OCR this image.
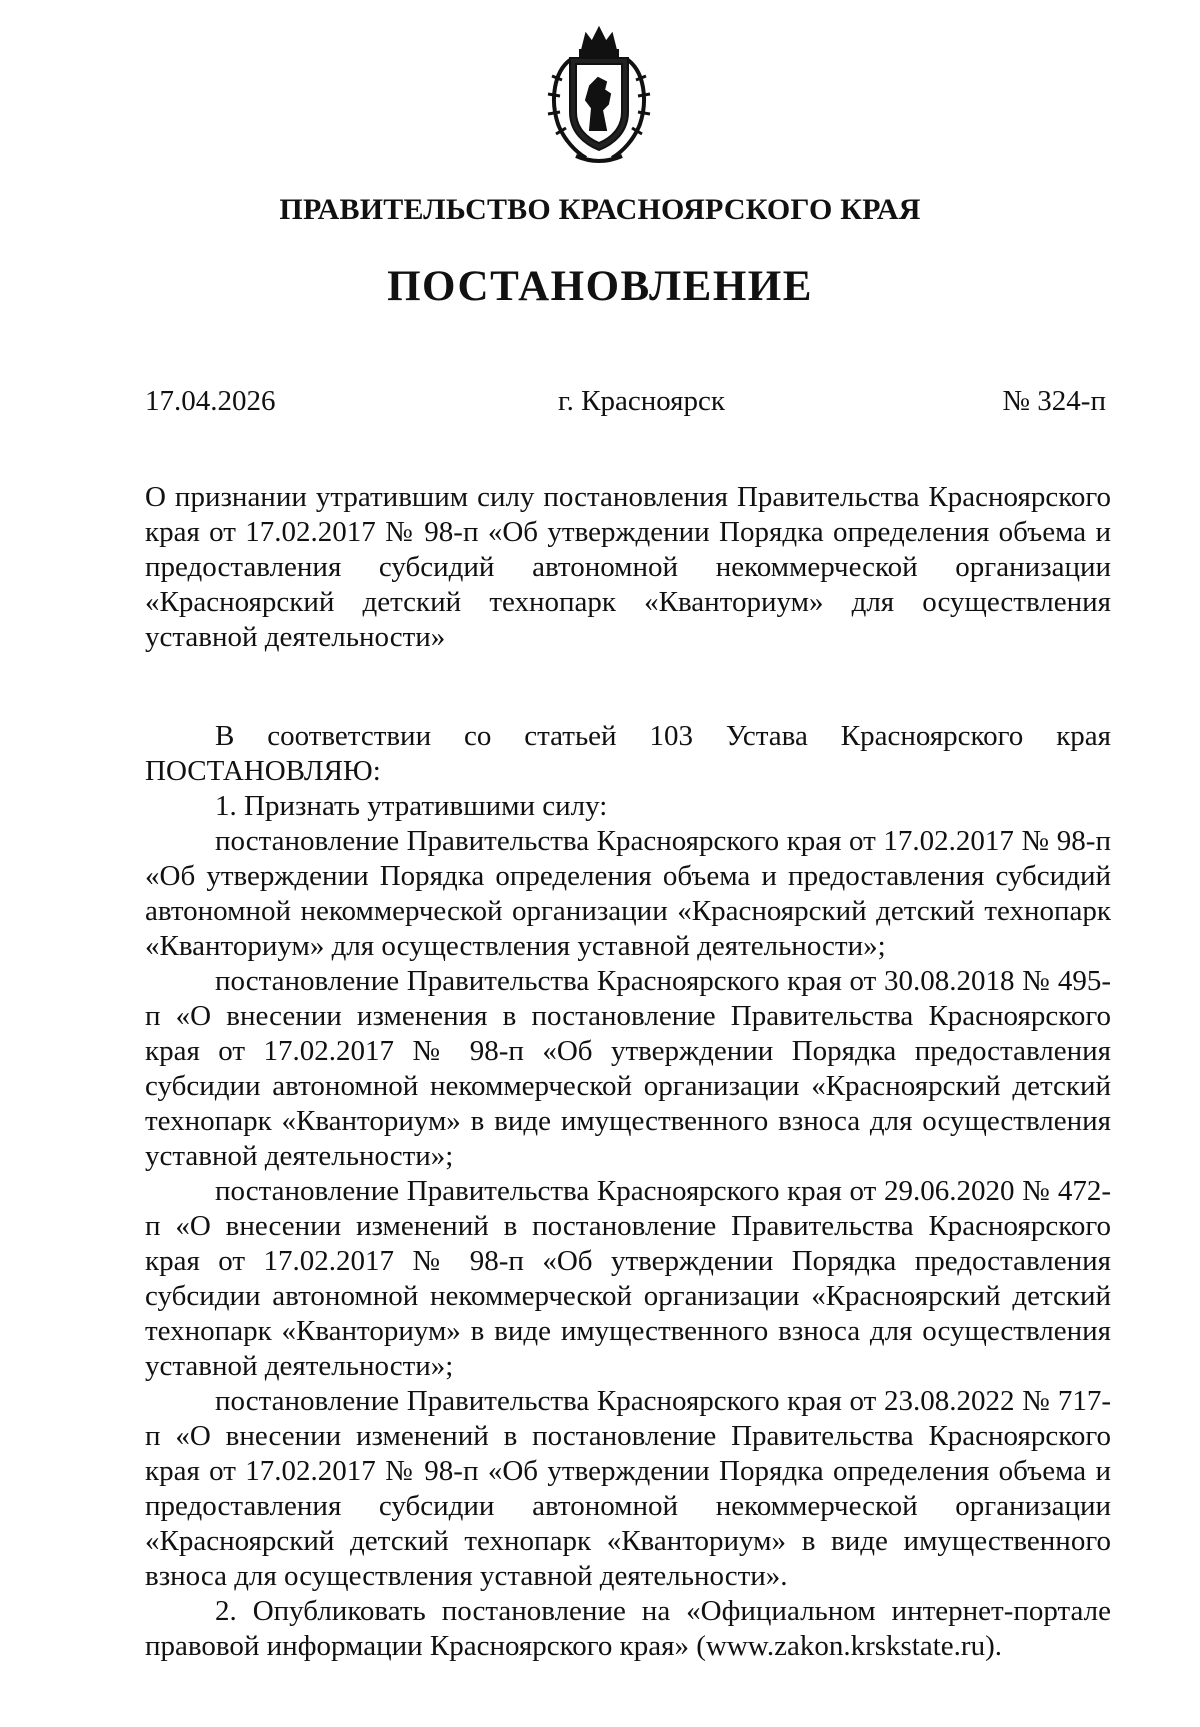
ПРАВИТЕЛЬСТВО КРАСНОЯРСКОГО КРАЯ
ПОСТАНОВЛЕНИЕ
17.04.2026	г. Красноярск	№ 324-п
О признании утратившим силу постановления Правительства Красноярского края от 17.02.2017 № 98-п «Об утверждении Порядка определения объема и предоставления субсидий автономной некоммерческой организации «Красноярский детский технопарк «Кванториум» для осуществления уставной деятельности»

В соответствии со статьей 103 Устава Красноярского края

ПОСТАНОВЛЯЮ:

1. Признать утратившими силу:

постановление Правительства Красноярского края от 17.02.2017 № 98-п «Об утверждении Порядка определения объема и предоставления субсидий автономной некоммерческой организации «Красноярский детский технопарк «Кванториум» для осуществления уставной деятельности»;

постановление Правительства Красноярского края от 30.08.2018 № 495-п «О внесении изменения в постановление Правительства Красноярского края от 17.02.2017 № 98-п «Об утверждении Порядка предоставления субсидии автономной некоммерческой организации «Красноярский детский технопарк «Кванториум» в виде имущественного взноса для осуществления уставной деятельности»;

постановление Правительства Красноярского края от 29.06.2020 № 472-п «О внесении изменений в постановление Правительства Красноярского края от 17.02.2017 № 98-п «Об утверждении Порядка предоставления субсидии автономной некоммерческой организации «Красноярский детский технопарк «Кванториум» в виде имущественного взноса для осуществления уставной деятельности»;

постановление Правительства Красноярского края от 23.08.2022 № 717-п «О внесении изменений в постановление Правительства Красноярского края от 17.02.2017 № 98-п «Об утверждении Порядка определения объема и предоставления субсидии автономной некоммерческой организации «Красноярский детский технопарк «Кванториум» в виде имущественного взноса для осуществления уставной деятельности».

2. Опубликовать постановление на «Официальном интернет-портале правовой информации Красноярского края» (www.zakon.krskstate.ru).
